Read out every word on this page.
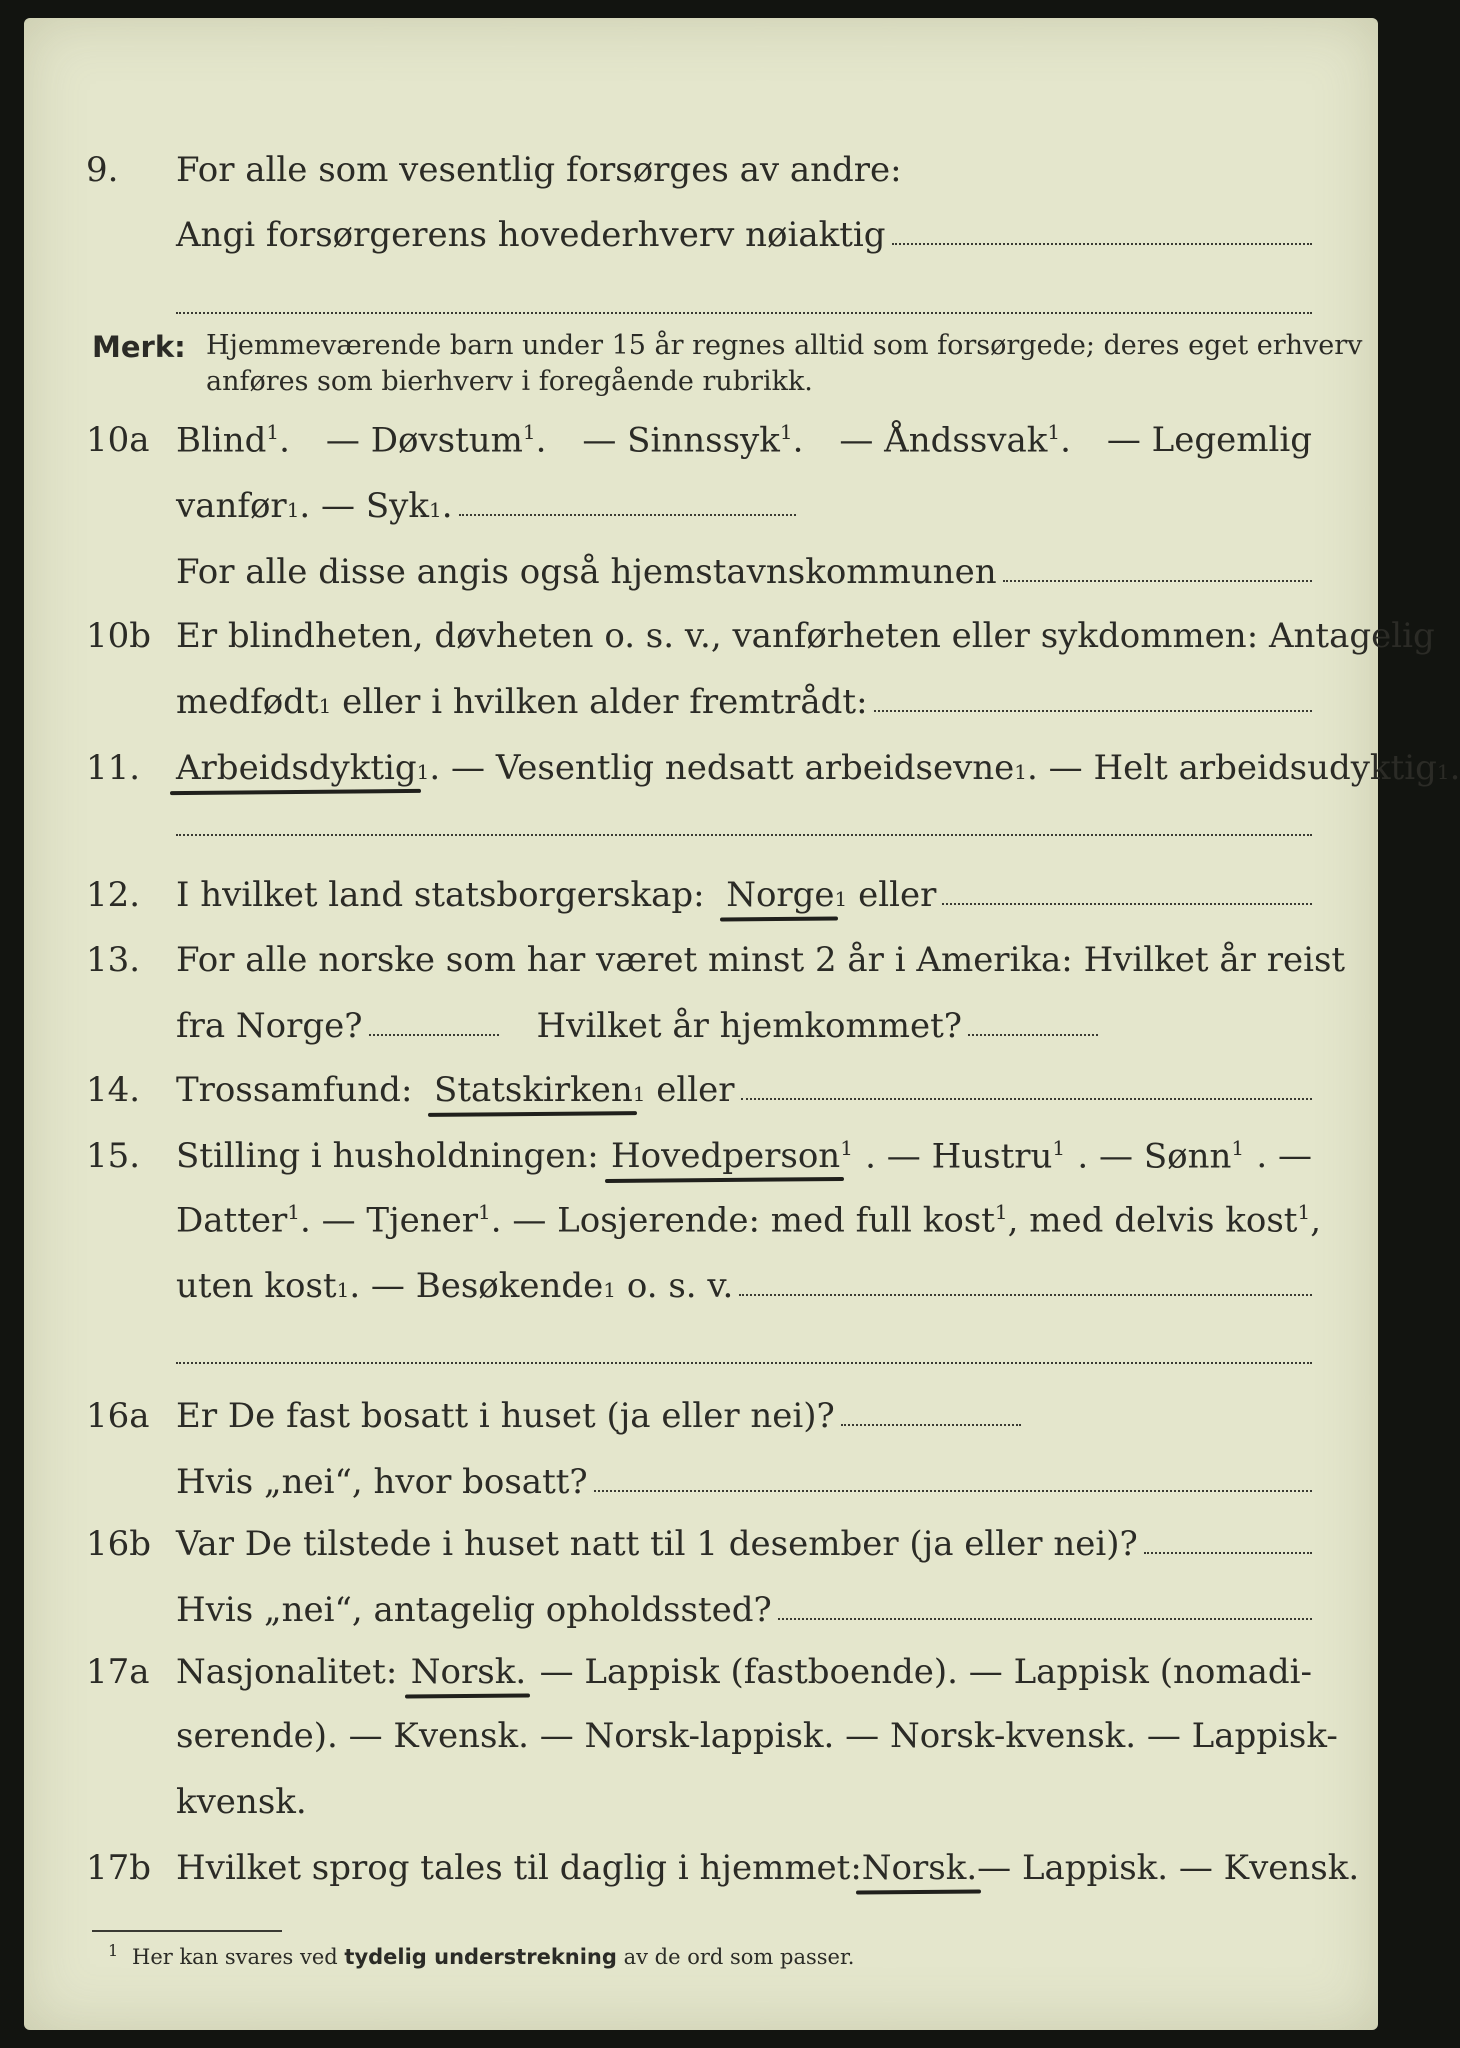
9. For alle som vesentlig forsørges av andre:
Angi forsørgerens hovederhverv nøiaktig
Merk: Hjemmeværende barn under 15 år regnes alltid som forsørgede; deres eget erhverv
anføres som bierhverv i foregående rubrikk.
10a Blind$^1$. — Døvstum$^1$. — Sinnssyk$^1$. — Åndssvak$^1$. — Legemlig
vanfør 1 . — Syk 1 .
For alle disse angis også hjemstavnskommunen
10b Er blindheten, døvheten o. s. v., vanførheten eller sykdommen: Antagelig
medfødt 1
eller i hvilken alder fremtrådt:
11. Arbeidsdyktig 1 . — Vesentlig nedsatt arbeidsevne 1 . — Helt arbeidsudyktig 1 .
12. I hvilket land statsborgerskap:
Norge 1
eller
13. For alle norske som har været minst 2 år i Amerika: Hvilket år reist
fra Norge?	Hvilket år hjemkommet?
14. Trossamfund:
Statskirken 1
eller
15. Stilling i husholdningen: Hovedperson$^1$ . — Hustru$^1$ . — Sønn$^1$ . —
Datter$^1$ . — Tjener$^1$ . — Losjerende: med full kost$^1$ , med delvis kost$^1$,
uten kost 1 . — Besøkende 1
o. s. v.
16a Er De fast bosatt i huset (ja eller nei)?
Hvis „nei“, hvor bosatt?
16b Var De tilstede i huset natt til 1 desember (ja eller nei)?
Hvis „nei“, antagelig opholdssted?
17a Nasjonalitet: Norsk. — Lappisk (fastboende). — Lappisk (nomadi-
serende). — Kvensk. — Norsk-lappisk. — Norsk-kvensk. — Lappisk-
kvensk.
17b Hvilket sprog tales til daglig i hjemmet: Norsk. — Lappisk. — Kvensk.
1 Her kan svares ved tydelig understrekning av de ord som passer.
